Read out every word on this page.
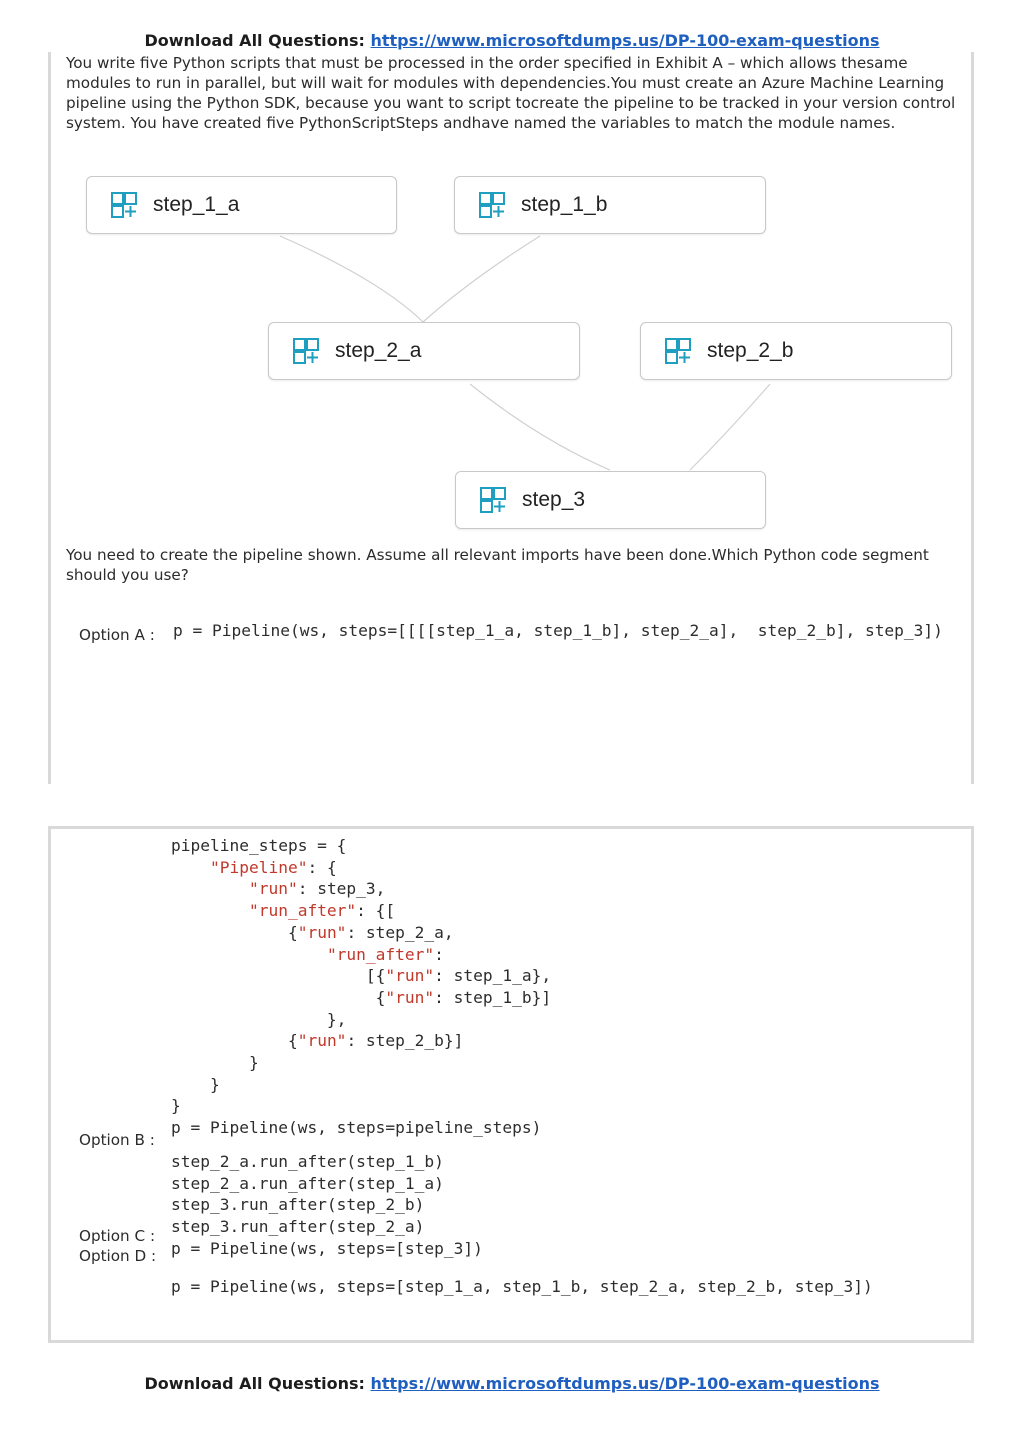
Download All Questions: https://www.microsoftdumps.us/DP-100-exam-questions
You write five Python scripts that must be processed in the order specified in Exhibit A – which allows thesame modules to run in parallel, but will wait for modules with dependencies.You must create an Azure Machine Learning pipeline using the Python SDK, because you want to script tocreate the pipeline to be tracked in your version control system. You have created five PythonScriptSteps andhave named the variables to match the module names.
step_1_a	step_1_b
step_2_a	step_2_b
step_3
You need to create the pipeline shown. Assume all relevant imports have been done.Which Python code segment should you use?
Option A : p = Pipeline(ws, steps=[[[[step_1_a, step_1_b], step_2_a],  step_2_b], step_3])
pipeline_steps = {
"Pipeline": {
"run": step_3,
"run_after": {[
{"run": step_2_a,
"run_after":
[{"run": step_1_a},
{"run": step_1_b}]
},
{"run": step_2_b}]
}
}
}
p = Pipeline(ws, steps=pipeline_steps)
Option B :
step_2_a.run_after(step_1_b)
step_2_a.run_after(step_1_a)
step_3.run_after(step_2_b)
step_3.run_after(step_2_a)
p = Pipeline(ws, steps=[step_3])
Option C :
Option D :
p = Pipeline(ws, steps=[step_1_a, step_1_b, step_2_a, step_2_b, step_3])
Download All Questions: https://www.microsoftdumps.us/DP-100-exam-questions
